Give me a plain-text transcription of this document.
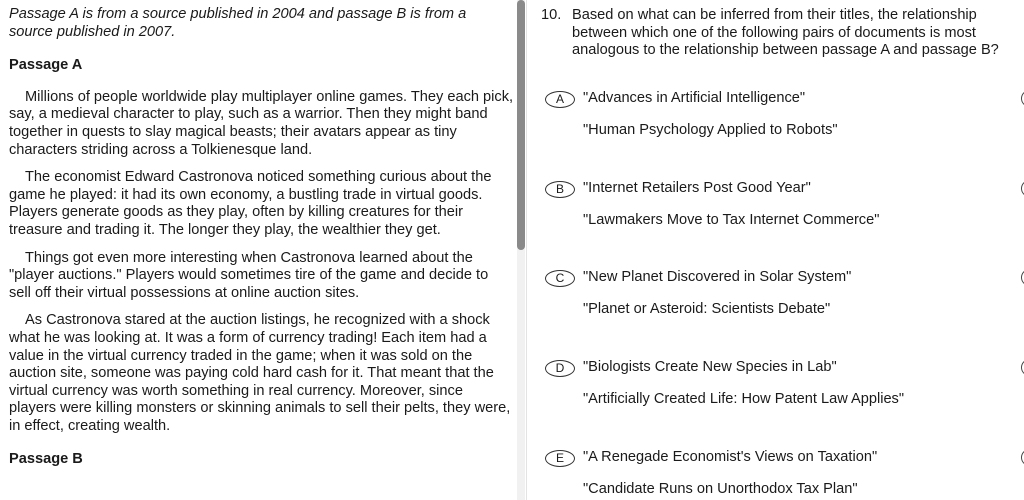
Passage A is from a source published in 2004 and passage B is from a source published in 2007.

Passage A

Millions of people worldwide play multiplayer online games. They each pick, say, a medieval character to play, such as a warrior. Then they might band together in quests to slay magical beasts; their avatars appear as tiny characters striding across a Tolkienesque land.

The economist Edward Castronova noticed something curious about the game he played: it had its own economy, a bustling trade in virtual goods. Players generate goods as they play, often by killing creatures for their treasure and trading it. The longer they play, the wealthier they get.

Things got even more interesting when Castronova learned about the "player auctions." Players would sometimes tire of the game and decide to sell off their virtual possessions at online auction sites.

As Castronova stared at the auction listings, he recognized with a shock what he was looking at. It was a form of currency trading! Each item had a value in the virtual currency traded in the game; when it was sold on the auction site, someone was paying cold hard cash for it. That meant that the virtual currency was worth something in real currency. Moreover, since players were killing monsters or skinning animals to sell their pelts, they were, in effect, creating wealth.

Passage B

10. Based on what can be inferred from their titles, the relationship between which one of the following pairs of documents is most analogous to the relationship between passage A and passage B?

A	"Advances in Artificial Intelligence"
"Human Psychology Applied to Robots"
B	"Internet Retailers Post Good Year"
"Lawmakers Move to Tax Internet Commerce"
C	"New Planet Discovered in Solar System"
"Planet or Asteroid: Scientists Debate"
D	"Biologists Create New Species in Lab"
"Artificially Created Life: How Patent Law Applies"
E	"A Renegade Economist's Views on Taxation"
"Candidate Runs on Unorthodox Tax Plan"
